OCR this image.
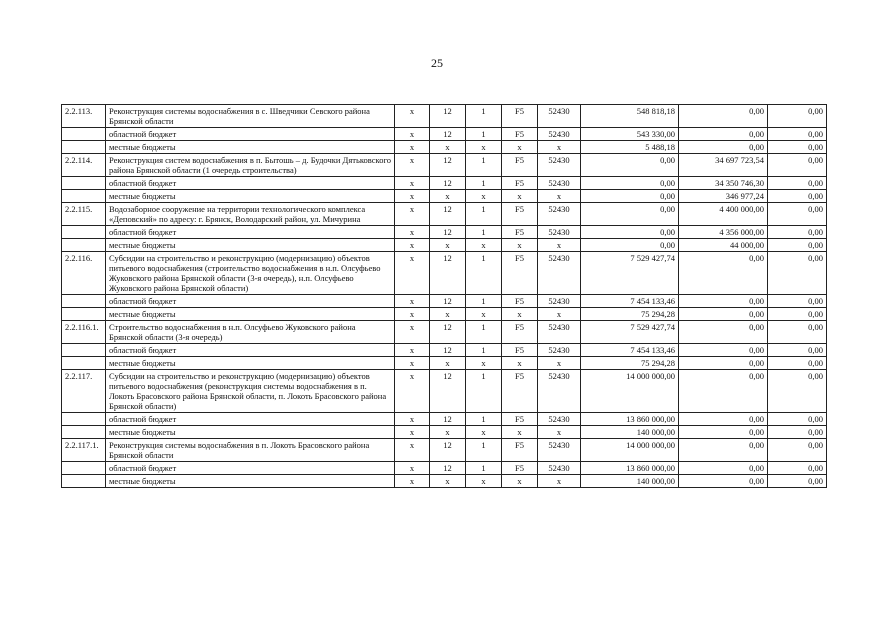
25
2.2.113.	Реконструкция системы водоснабжения в с. Шведчики Севского района Брянской области	х	12	1	F5	52430	548 818,18	0,00	0,00
	областной бюджет	х	12	1	F5	52430	543 330,00	0,00	0,00
	местные бюджеты	х	х	х	х	х	5 488,18	0,00	0,00
2.2.114.	Реконструкция систем водоснабжения в п. Бытошь – д. Будочки Дятьковского района Брянской области (1 очередь строительства)	х	12	1	F5	52430	0,00	34 697 723,54	0,00
	областной бюджет	х	12	1	F5	52430	0,00	34 350 746,30	0,00
	местные бюджеты	х	х	х	х	х	0,00	346 977,24	0,00
2.2.115.	Водозаборное сооружение на территории технологического комплекса «Деповский» по адресу: г. Брянск, Володарский район, ул. Мичурина	х	12	1	F5	52430	0,00	4 400 000,00	0,00
	областной бюджет	х	12	1	F5	52430	0,00	4 356 000,00	0,00
	местные бюджеты	х	х	х	х	х	0,00	44 000,00	0,00
2.2.116.	Субсидии на строительство и реконструкцию (модернизацию) объектов питьевого водоснабжения (строительство водоснабжения в н.п. Олсуфьево Жуковского района Брянской области (3-я очередь), н.п. Олсуфьево Жуковского района Брянской области)	х	12	1	F5	52430	7 529 427,74	0,00	0,00
	областной бюджет	х	12	1	F5	52430	7 454 133,46	0,00	0,00
	местные бюджеты	х	х	х	х	х	75 294,28	0,00	0,00
2.2.116.1.	Строительство водоснабжения в н.п. Олсуфьево Жуковского района Брянской области (3-я очередь)	х	12	1	F5	52430	7 529 427,74	0,00	0,00
	областной бюджет	х	12	1	F5	52430	7 454 133,46	0,00	0,00
	местные бюджеты	х	х	х	х	х	75 294,28	0,00	0,00
2.2.117.	Субсидии на строительство и реконструкцию (модернизацию) объектов питьевого водоснабжения (реконструкция системы водоснабжения в п. Локоть Брасовского района Брянской области, п. Локоть Брасовского района Брянской области)	х	12	1	F5	52430	14 000 000,00	0,00	0,00
	областной бюджет	х	12	1	F5	52430	13 860 000,00	0,00	0,00
	местные бюджеты	х	х	х	х	х	140 000,00	0,00	0,00
2.2.117.1.	Реконструкция системы водоснабжения в п. Локоть Брасовского района Брянской области	х	12	1	F5	52430	14 000 000,00	0,00	0,00
	областной бюджет	х	12	1	F5	52430	13 860 000,00	0,00	0,00
	местные бюджеты	х	х	х	х	х	140 000,00	0,00	0,00
